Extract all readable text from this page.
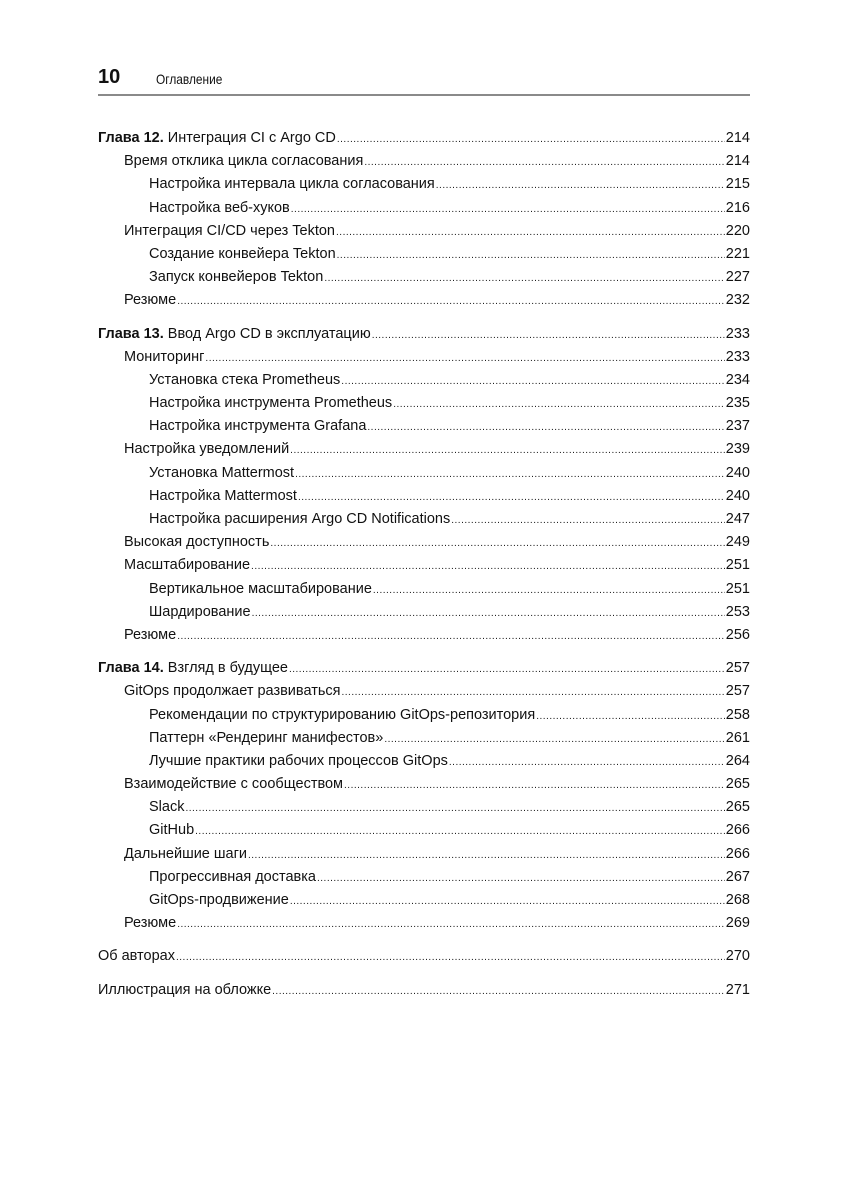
10	Оглавление
Глава 12. Интеграция CI с Argo CD .....	214
Время отклика цикла согласования .....	214
Настройка интервала цикла согласования .....	215
Настройка веб-хуков .....	216
Интеграция CI/CD через Tekton .....	220
Создание конвейера Tekton .....	221
Запуск конвейеров Tekton .....	227
Резюме .....	232
Глава 13. Ввод Argo CD в эксплуатацию .....	233
Мониторинг .....	233
Установка стека Prometheus .....	234
Настройка инструмента Prometheus .....	235
Настройка инструмента Grafana .....	237
Настройка уведомлений .....	239
Установка Mattermost .....	240
Настройка Mattermost .....	240
Настройка расширения Argo CD Notifications .....	247
Высокая доступность .....	249
Масштабирование .....	251
Вертикальное масштабирование .....	251
Шардирование .....	253
Резюме .....	256
Глава 14. Взгляд в будущее .....	257
GitOps продолжает развиваться .....	257
Рекомендации по структурированию GitOps-репозитория .....	258
Паттерн «Рендеринг манифестов» .....	261
Лучшие практики рабочих процессов GitOps .....	264
Взаимодействие с сообществом .....	265
Slack .....	265
GitHub .....	266
Дальнейшие шаги .....	266
Прогрессивная доставка .....	267
GitOps-продвижение .....	268
Резюме .....	269
Об авторах .....	270
Иллюстрация на обложке .....	271
